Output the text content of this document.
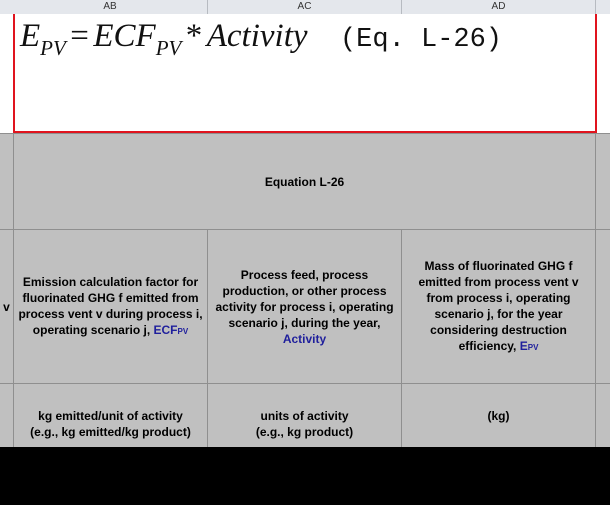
AB	AC	AD
EPV = ECFPV * Activity (Eq. L-26)
Equation L-26
v
Emission calculation factor for fluorinated GHG f emitted from process vent v during process i, operating scenario j, ECFPV
Process feed, process production, or other process activity for process i, operating scenario j, during the year, Activity
Mass of fluorinated GHG f emitted from process vent v from process i, operating scenario j, for the year considering destruction efficiency, EPV
kg emitted/unit of activity
(e.g., kg emitted/kg product)
units of activity
(e.g., kg product)
(kg)
